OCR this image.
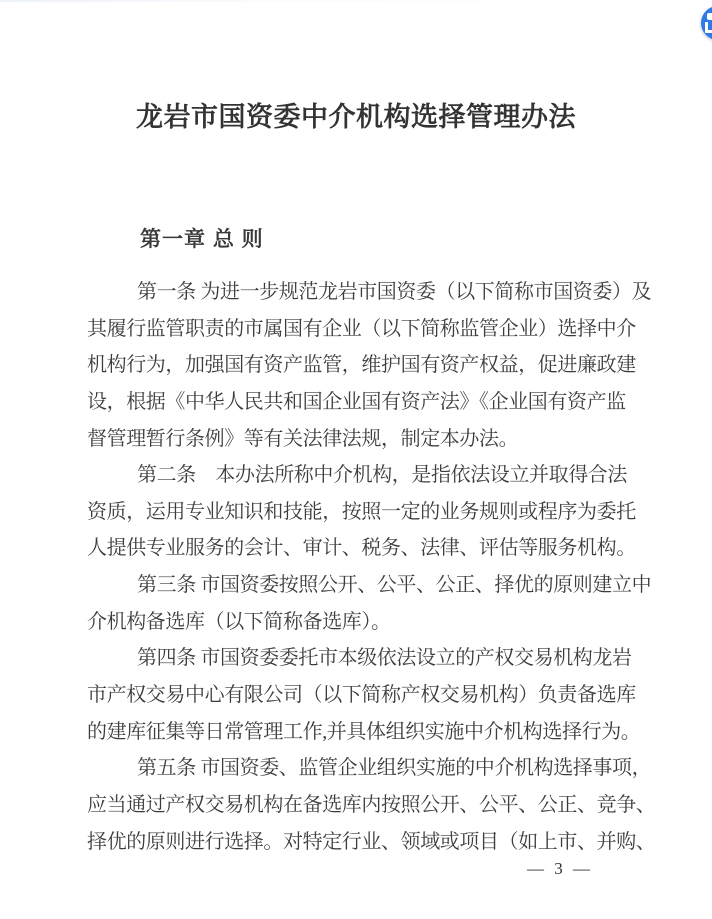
龙岩市国资委中介机构选择管理办法
第一章 总 则
第一条 为进一步规范龙岩市国资委（以下简称市国资委）及
其履行监管职责的市属国有企业（以下简称监管企业）选择中介
机构行为，加强国有资产监管，维护国有资产权益，促进廉政建
设，根据《中华人民共和国企业国有资产法》《企业国有资产监
督管理暂行条例》等有关法律法规，制定本办法。
第二条　本办法所称中介机构，是指依法设立并取得合法
资质，运用专业知识和技能，按照一定的业务规则或程序为委托
人提供专业服务的会计、审计、税务、法律、评估等服务机构。
第三条 市国资委按照公开、公平、公正、择优的原则建立中
介机构备选库（以下简称备选库）。
第四条 市国资委委托市本级依法设立的产权交易机构龙岩
市产权交易中心有限公司（以下简称产权交易机构）负责备选库
的建库征集等日常管理工作,并具体组织实施中介机构选择行为。
第五条 市国资委、监管企业组织实施的中介机构选择事项，
应当通过产权交易机构在备选库内按照公开、公平、公正、竞争、
择优的原则进行选择。对特定行业、领域或项目（如上市、并购、
— 3 —
